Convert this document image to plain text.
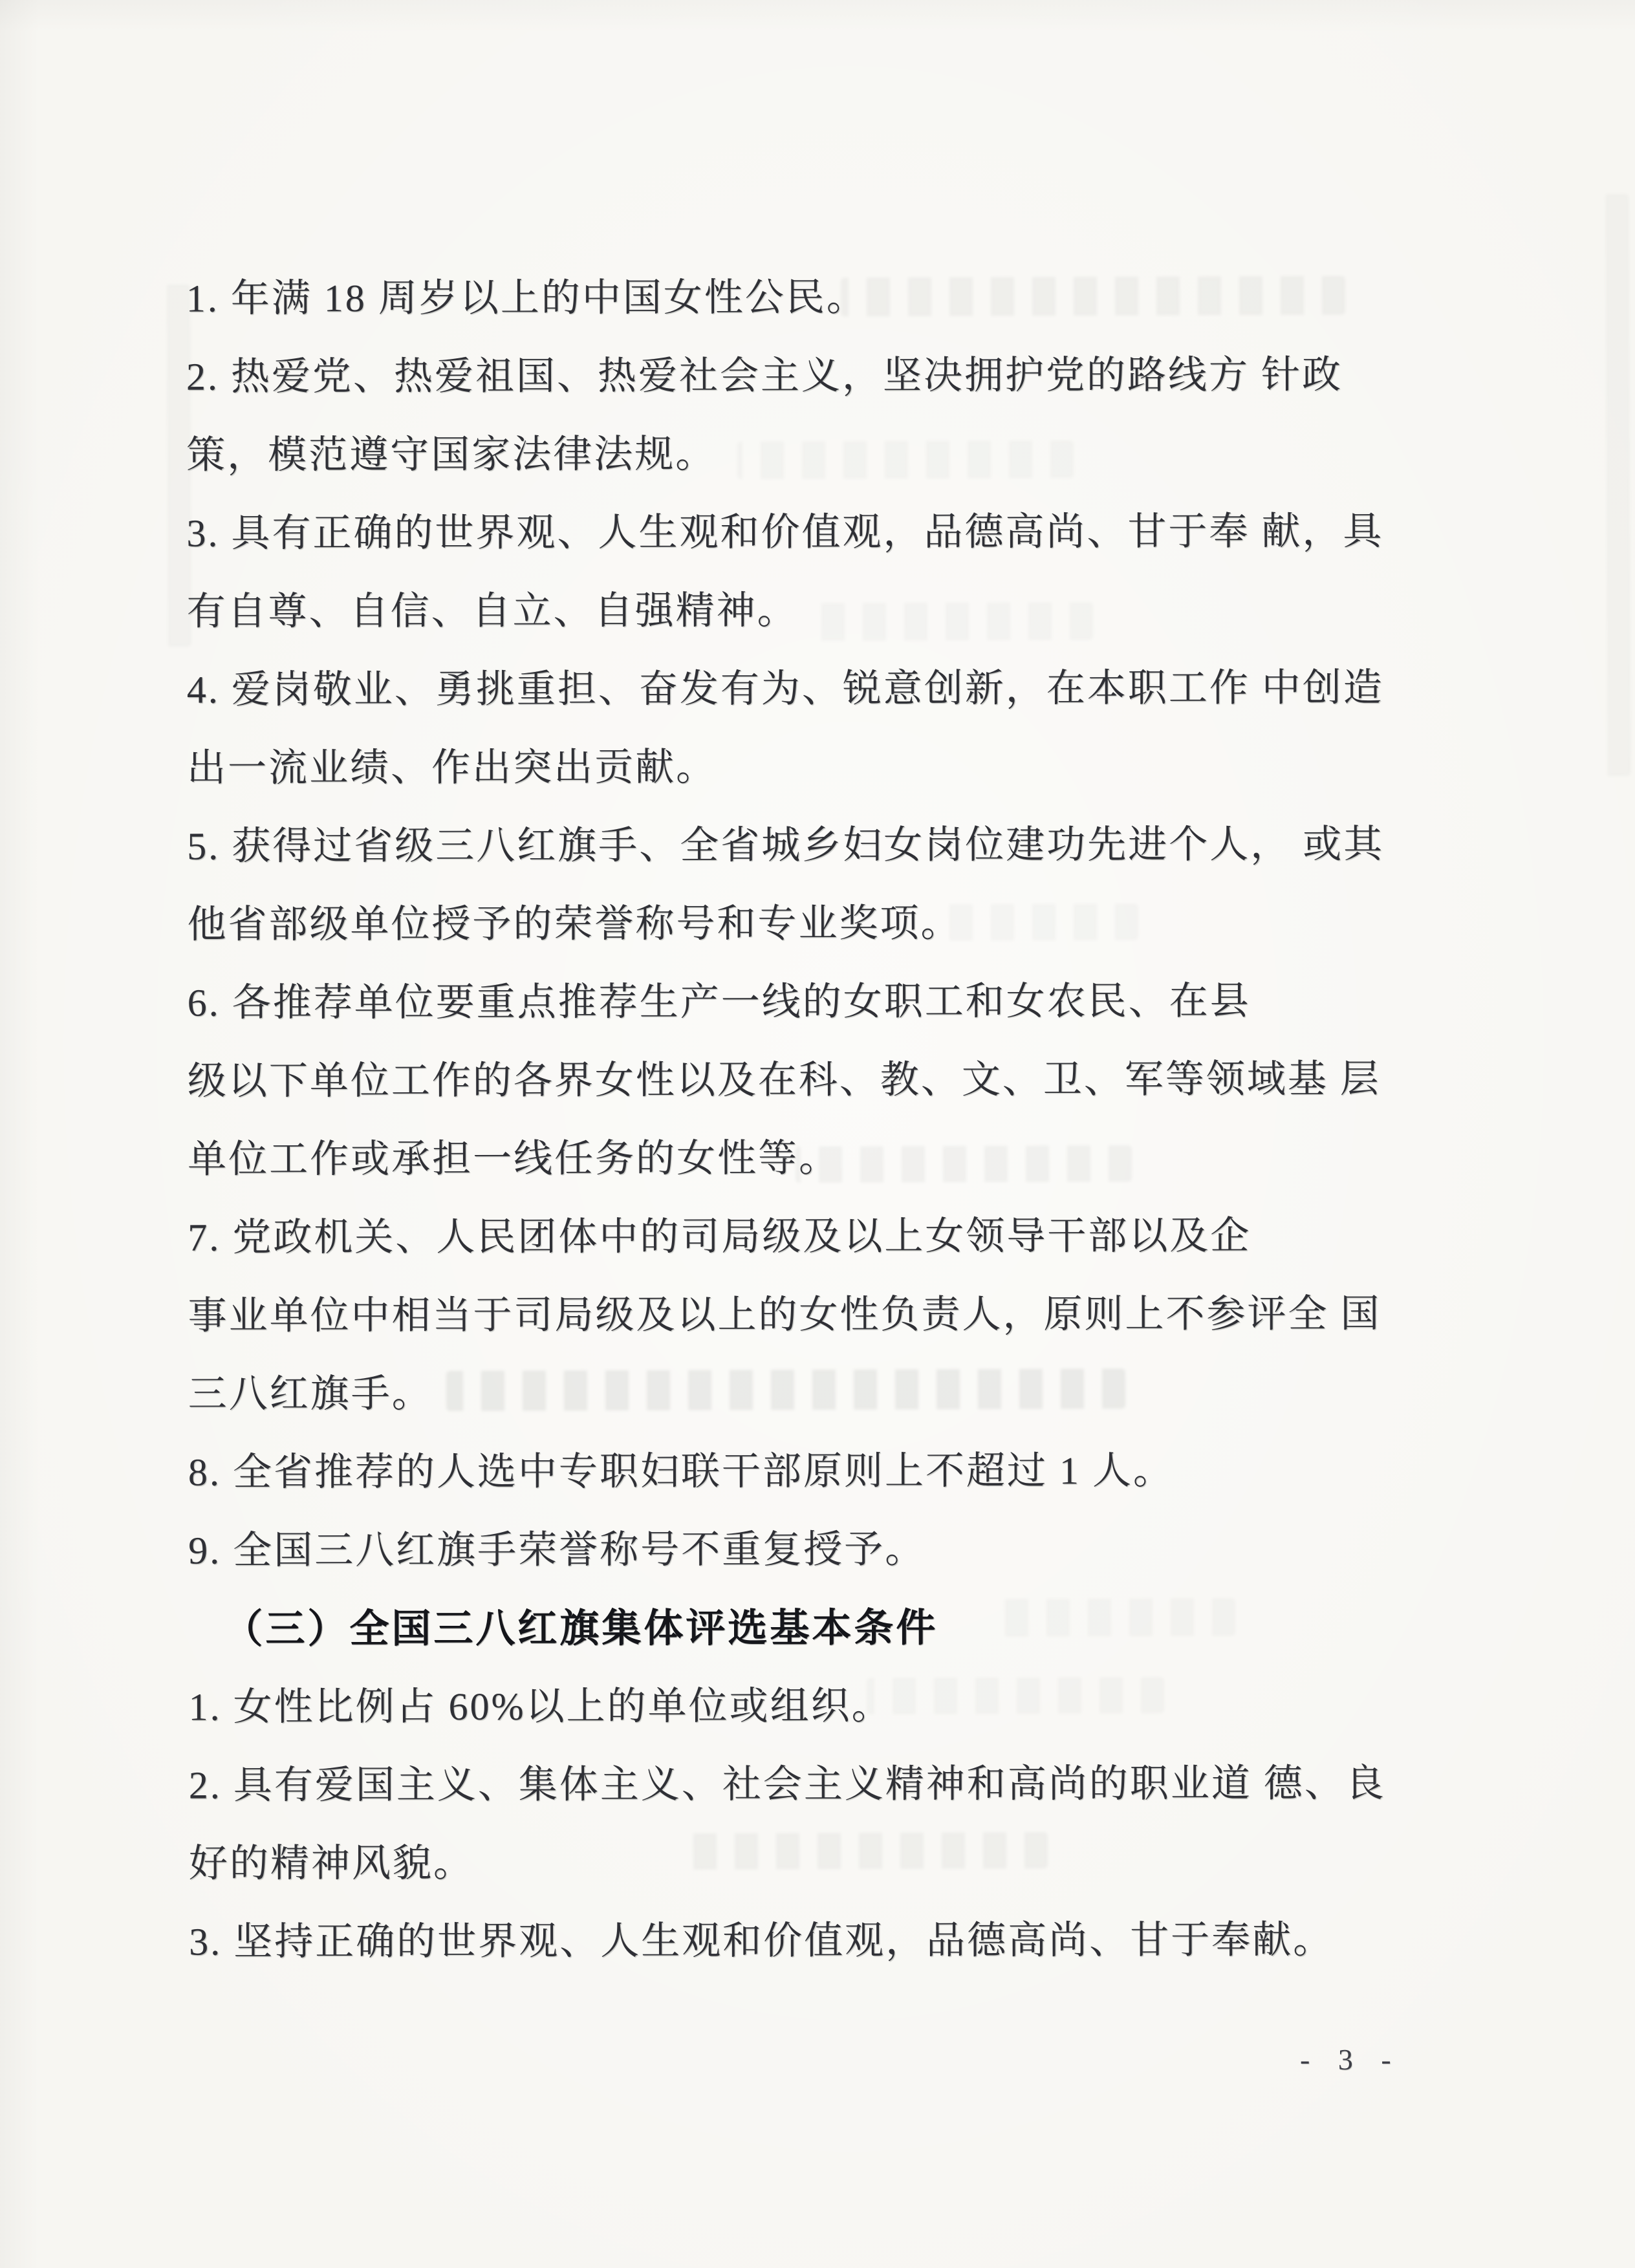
1. 年满 18 周岁以上的中国女性公民。

2. 热爱党、热爱祖国、热爱社会主义，坚决拥护党的路线方 针政策，模范遵守国家法律法规。

3. 具有正确的世界观、人生观和价值观，品德高尚、甘于奉 献，具有自尊、自信、自立、自强精神。

4. 爱岗敬业、勇挑重担、奋发有为、锐意创新，在本职工作 中创造出一流业绩、作出突出贡献。

5. 获得过省级三八红旗手、全省城乡妇女岗位建功先进个人， 或其他省部级单位授予的荣誉称号和专业奖项。

6. 各推荐单位要重点推荐生产一线的女职工和女农民、在县 级以下单位工作的各界女性以及在科、教、文、卫、军等领域基 层单位工作或承担一线任务的女性等。

7. 党政机关、人民团体中的司局级及以上女领导干部以及企 事业单位中相当于司局级及以上的女性负责人，原则上不参评全 国三八红旗手。

8. 全省推荐的人选中专职妇联干部原则上不超过 1 人。

9. 全国三八红旗手荣誉称号不重复授予。

（三）全国三八红旗集体评选基本条件

1. 女性比例占 60%以上的单位或组织。

2. 具有爱国主义、集体主义、社会主义精神和高尚的职业道 德、良好的精神风貌。

3. 坚持正确的世界观、人生观和价值观，品德高尚、甘于奉献。

- 3 -
